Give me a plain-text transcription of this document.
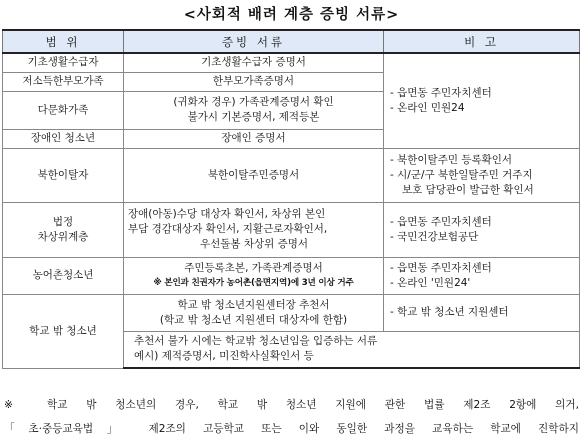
<사회적 배려 계층 증빙 서류>
범 위	증빙 서류	비 고
기초생활수급자	기초생활수급자 증명서	- 읍면동 주민자치센터
- 온라인 민원24

저소득한부모가족	한부모가족증명서	
다문화가족	(귀화자 경우) 가족관계증명서 확인
불가시 기본증명서, 제적등본	

장애인 청소년	장애인 증명서	
북한이탈자	북한이탈주민증명서	- 북한이탈주민 등록확인서
- 시/군/구 북한일탈주민 거주지
보호 담당관이 발급한 확인서

법정
차상위계층	장애(아동)수당 대상자 확인서, 차상위 본인
부담 경감대상자 확인서, 지활근로자확인서,
우선돌봄 차상위 증명서	- 읍면동 주민자치센터
- 국민건강보험공단

농어촌청소년	주민등록초본, 가족관계증명서
※ 본인과 친권자가 농어촌(읍면지역)에 3년 이상 거주	- 읍면동 주민자치센터
- 온라인 '민원24'

학교 밖 청소년	학교 밖 청소년지원센터장 추천서
(학교 밖 청소년 지원센터 대상자에 한함)	- 학교 밖 청소년 지원센터

	추천서 불가 시에는 학교밖 청소년임을 입증하는 서류
예시) 제적증명서, 미진학사실확인서 등	
※ 학교 밖 청소년의 경우, 학교 밖 청소년 지원에 관한 법률 제2조 2항에 의거,
「초·중등교육법」 제2조의 고등학교 또는 이와 동일한 과정을 교육하는 학교에 진학하지
